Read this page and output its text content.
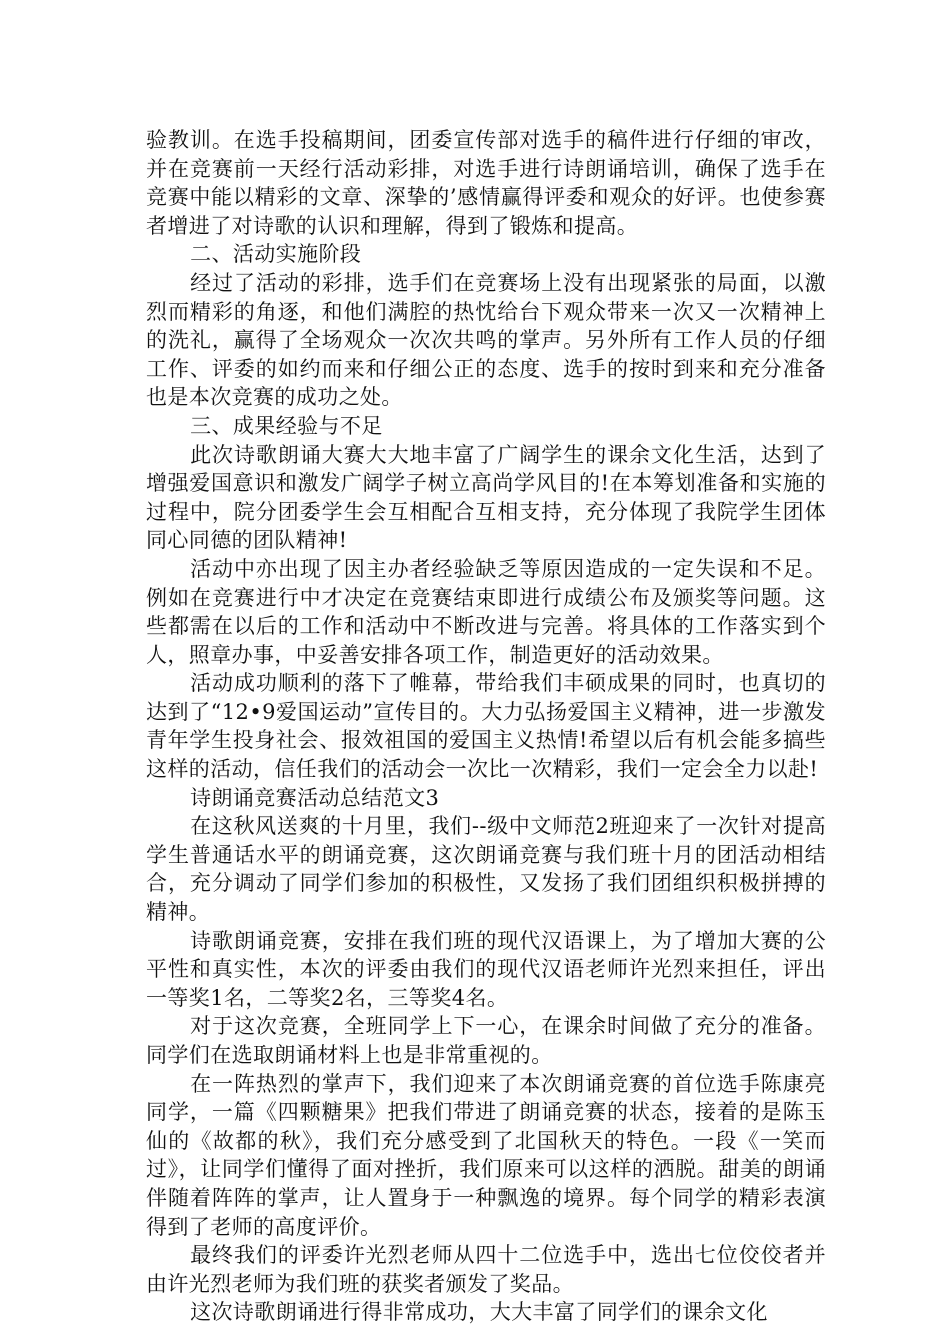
验教训。在选手投稿期间，团委宣传部对选手的稿件进行仔细的审改，并在竞赛前一天经行活动彩排，对选手进行诗朗诵培训，确保了选手在竞赛中能以精彩的文章、深挚的’感情赢得评委和观众的好评。也使参赛者增进了对诗歌的认识和理解，得到了锻炼和提高。

二、活动实施阶段

经过了活动的彩排，选手们在竞赛场上没有出现紧张的局面，以激烈而精彩的角逐，和他们满腔的热忱给台下观众带来一次又一次精神上的洗礼，赢得了全场观众一次次共鸣的掌声。另外所有工作人员的仔细工作、评委的如约而来和仔细公正的态度、选手的按时到来和充分准备也是本次竞赛的成功之处。

三、成果经验与不足

此次诗歌朗诵大赛大大地丰富了广阔学生的课余文化生活，达到了增强爱国意识和激发广阔学子树立高尚学风目的!在本筹划准备和实施的过程中，院分团委学生会互相配合互相支持，充分体现了我院学生团体同心同德的团队精神!

活动中亦出现了因主办者经验缺乏等原因造成的一定失误和不足。例如在竞赛进行中才决定在竞赛结束即进行成绩公布及颁奖等问题。这些都需在以后的工作和活动中不断改进与完善。将具体的工作落实到个人，照章办事，中妥善安排各项工作，制造更好的活动效果。

活动成功顺利的落下了帷幕，带给我们丰硕成果的同时，也真切的达到了“12•9爱国运动”宣传目的。大力弘扬爱国主义精神，进一步激发青年学生投身社会、报效祖国的爱国主义热情!希望以后有机会能多搞些这样的活动，信任我们的活动会一次比一次精彩，我们一定会全力以赴!

诗朗诵竞赛活动总结范文3

在这秋风送爽的十月里，我们--级中文师范2班迎来了一次针对提高学生普通话水平的朗诵竞赛，这次朗诵竞赛与我们班十月的团活动相结合，充分调动了同学们参加的积极性，又发扬了我们团组织积极拼搏的精神。

诗歌朗诵竞赛，安排在我们班的现代汉语课上，为了增加大赛的公平性和真实性，本次的评委由我们的现代汉语老师许光烈来担任，评出一等奖1名，二等奖2名，三等奖4名。

对于这次竞赛，全班同学上下一心，在课余时间做了充分的准备。同学们在选取朗诵材料上也是非常重视的。

在一阵热烈的掌声下，我们迎来了本次朗诵竞赛的首位选手陈康亮同学，一篇《四颗糖果》把我们带进了朗诵竞赛的状态，接着的是陈玉仙的《故都的秋》，我们充分感受到了北国秋天的特色。一段《一笑而过》，让同学们懂得了面对挫折，我们原来可以这样的洒脱。甜美的朗诵伴随着阵阵的掌声，让人置身于一种飘逸的境界。每个同学的精彩表演得到了老师的高度评价。

最终我们的评委许光烈老师从四十二位选手中，选出七位佼佼者并由许光烈老师为我们班的获奖者颁发了奖品。

这次诗歌朗诵进行得非常成功，大大丰富了同学们的课余文化
